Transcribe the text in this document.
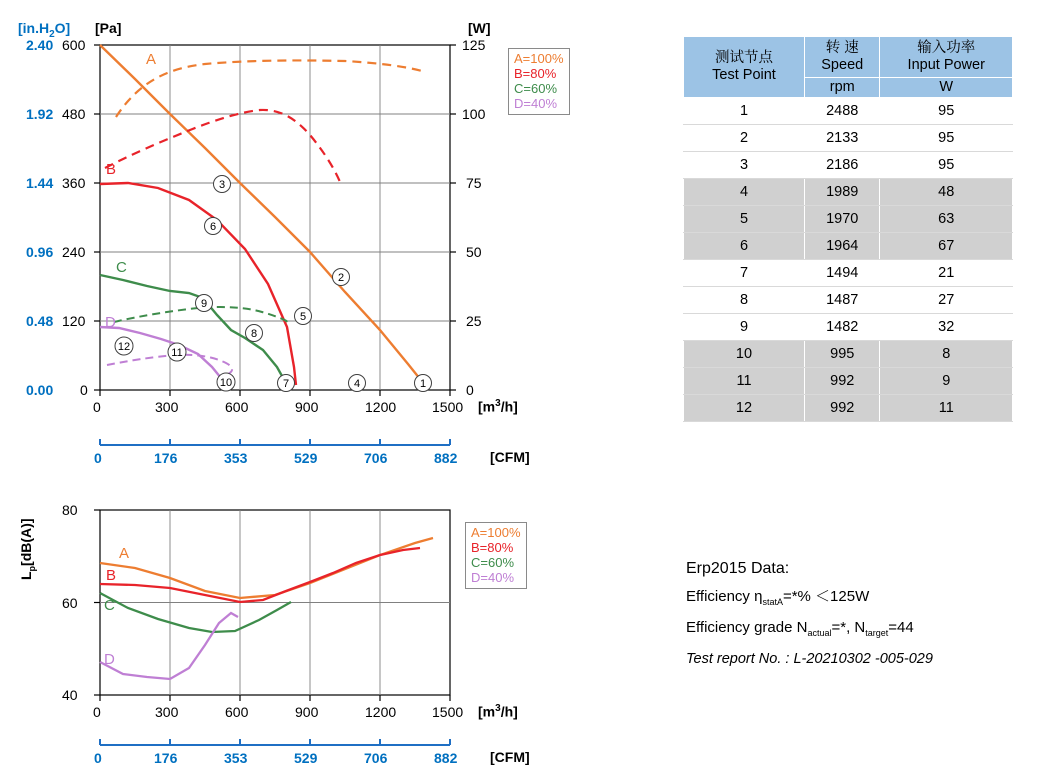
1
2
3
4
5
6
7
8
9
10
11
12
A
B
C
D
$[in.H_2O]$ [Pa]	[W]
2.40
1.92
1.44
0.96
0.48
0.00
600
480
360
240
120
0
125
100
75
50
25
0
0	300	600	900	1200	1500 $[m^3/h]$
0	176	353	529	706	882 [CFM]
A=100%
B=80%
C=60%
D=40%
A
B
C
D
80
60
40
$L_p[dB(A)]$
0	300	600	900	1200	1500 $[m^3/h]$
0	176	353	529	706	882 [CFM]
A=100%
B=80%
C=60%
D=40%
测试节点
Test Point

转 速
Speed

输入功率
Input Power

	rpm	W
1	2488	95
2	2133	95
3	2186	95
4	1989	48
5	1970	63
6	1964	67
7	1494	21
8	1487	27
9	1482	32
10	995	8
11	992	9
12	992	11
Erp2015 Data:
Efficiency $\eta_{statA}=*\% <125W$
Efficiency grade $N_{actual}=*$, $N_{target}=44$
Test report No. : L-20210302 -005-029
